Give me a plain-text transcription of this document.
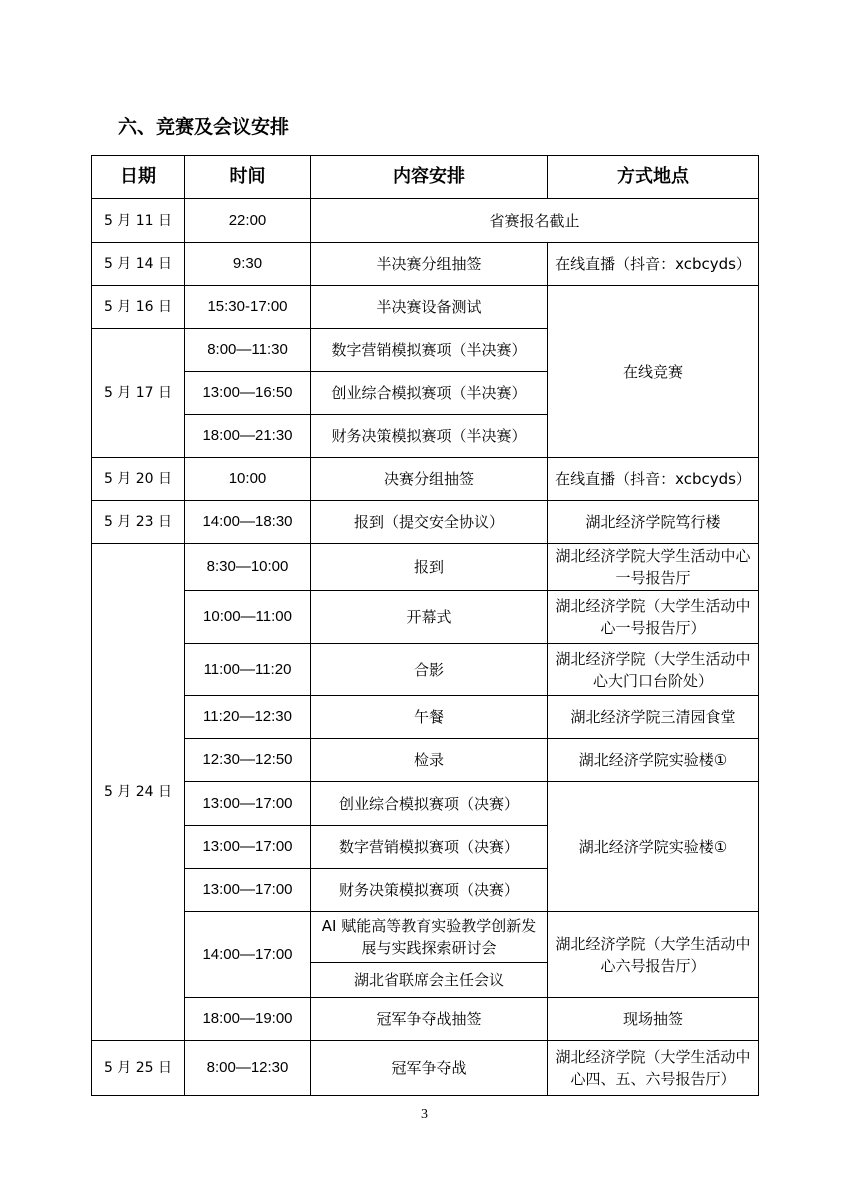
六、竞赛及会议安排
日期	时间	内容安排	方式地点
5 月 11 日	22:00	省赛报名截止	
5 月 14 日	9:30	半决赛分组抽签	在线直播（抖音：xcbcyds）
5 月 16 日	15:30-17:00	半决赛设备测试	在线竞赛
5 月 17 日	8:00—11:30	数字营销模拟赛项（半决赛）	
	13:00—16:50	创业综合模拟赛项（半决赛）	
	18:00—21:30	财务决策模拟赛项（半决赛）	
5 月 20 日	10:00	决赛分组抽签	在线直播（抖音：xcbcyds）
5 月 23 日	14:00—18:30	报到（提交安全协议）	湖北经济学院笃行楼
5 月 24 日	8:30—10:00	报到	湖北经济学院大学生活动中心一号报告厅
	10:00—11:00	开幕式	湖北经济学院（大学生活动中心一号报告厅）
	11:00—11:20	合影	湖北经济学院（大学生活动中心大门口台阶处）
	11:20—12:30	午餐	湖北经济学院三清园食堂
	12:30—12:50	检录	湖北经济学院实验楼①
	13:00—17:00	创业综合模拟赛项（决赛）	湖北经济学院实验楼①
	13:00—17:00	数字营销模拟赛项（决赛）	
	13:00—17:00	财务决策模拟赛项（决赛）	
	14:00—17:00	AI 赋能高等教育实验教学创新发展与实践探索研讨会	湖北经济学院（大学生活动中心六号报告厅）
		湖北省联席会主任会议	
	18:00—19:00	冠军争夺战抽签	现场抽签
5 月 25 日	8:00—12:30	冠军争夺战	湖北经济学院（大学生活动中心四、五、六号报告厅）
3
